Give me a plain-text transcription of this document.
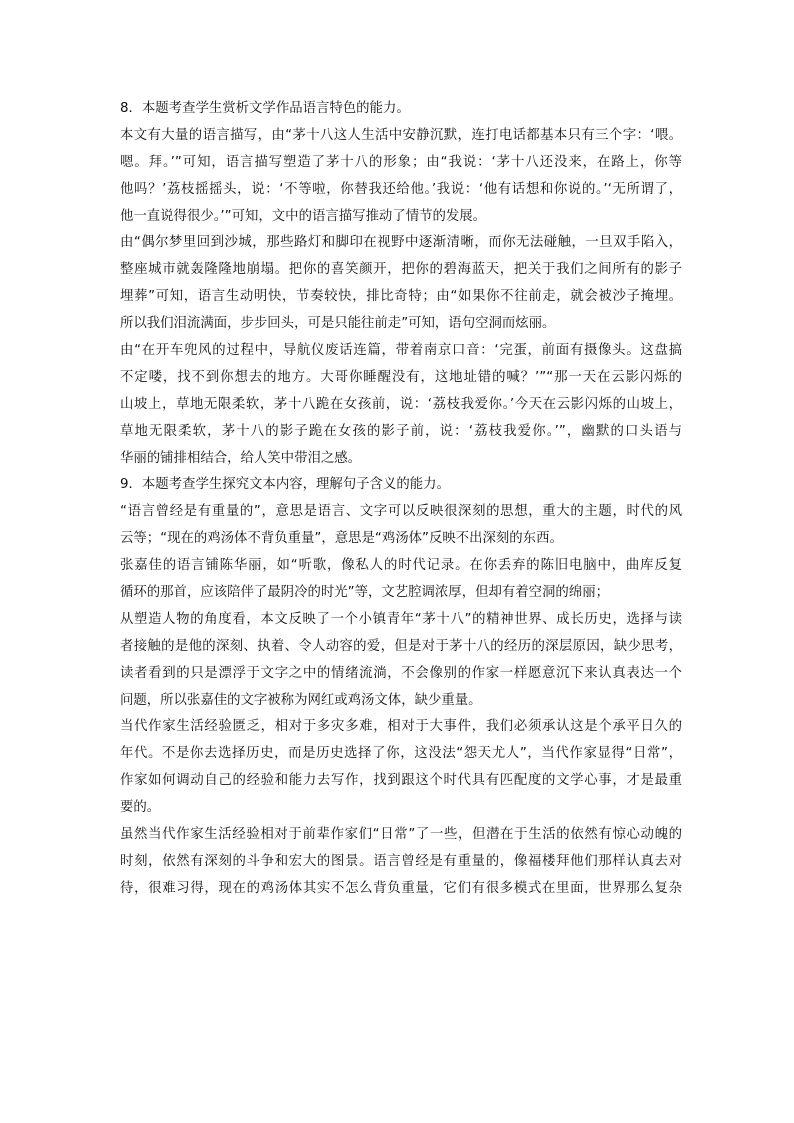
8．本题考查学生赏析文学作品语言特色的能力。
本文有大量的语言描写，由“茅十八这人生活中安静沉默，连打电话都基本只有三个字：‘喂。
嗯。拜。’”可知，语言描写塑造了茅十八的形象；由“我说：‘茅十八还没来，在路上，你等
他吗？’荔枝摇摇头，说：‘不等啦，你替我还给他。’我说：‘他有话想和你说的。’‘无所谓了，
他一直说得很少。’”可知，文中的语言描写推动了情节的发展。
由“偶尔梦里回到沙城，那些路灯和脚印在视野中逐渐清晰，而你无法碰触，一旦双手陷入，
整座城市就轰隆隆地崩塌。把你的喜笑颜开，把你的碧海蓝天，把关于我们之间所有的影子
埋葬”可知，语言生动明快，节奏较快，排比奇特；由“如果你不往前走，就会被沙子掩埋。
所以我们泪流满面，步步回头，可是只能往前走”可知，语句空洞而炫丽。
由“在开车兜风的过程中，导航仪废话连篇，带着南京口音：‘完蛋，前面有摄像头。这盘搞
不定喽，找不到你想去的地方。大哥你睡醒没有，这地址错的喊？’”“那一天在云影闪烁的
山坡上，草地无限柔软，茅十八跪在女孩前，说：‘荔枝我爱你。’今天在云影闪烁的山坡上，
草地无限柔软，茅十八的影子跪在女孩的影子前，说：‘荔枝我爱你。’”，幽默的口头语与
华丽的铺排相结合，给人笑中带泪之感。
9．本题考查学生探究文本内容，理解句子含义的能力。
“语言曾经是有重量的”，意思是语言、文字可以反映很深刻的思想，重大的主题，时代的风
云等；“现在的鸡汤体不背负重量”，意思是“鸡汤体”反映不出深刻的东西。
张嘉佳的语言铺陈华丽，如“听歌，像私人的时代记录。在你丢弃的陈旧电脑中，曲库反复
循环的那首，应该陪伴了最阴冷的时光”等，文艺腔调浓厚，但却有着空洞的绵丽；
从塑造人物的角度看，本文反映了一个小镇青年“茅十八”的精神世界、成长历史，选择与读
者接触的是他的深刻、执着、令人动容的爱，但是对于茅十八的经历的深层原因，缺少思考，
读者看到的只是漂浮于文字之中的情绪流淌，不会像别的作家一样愿意沉下来认真表达一个
问题，所以张嘉佳的文字被称为网红或鸡汤文体，缺少重量。
当代作家生活经验匮乏，相对于多灾多难，相对于大事件，我们必须承认这是个承平日久的
年代。不是你去选择历史，而是历史选择了你，这没法“怨天尤人”，当代作家显得“日常”，
作家如何调动自己的经验和能力去写作，找到跟这个时代具有匹配度的文学心事，才是最重
要的。
虽然当代作家生活经验相对于前辈作家们“日常”了一些，但潜在于生活的依然有惊心动魄的
时刻，依然有深刻的斗争和宏大的图景。语言曾经是有重量的，像福楼拜他们那样认真去对
待，很难习得，现在的鸡汤体其实不怎么背负重量，它们有很多模式在里面，世界那么复杂
